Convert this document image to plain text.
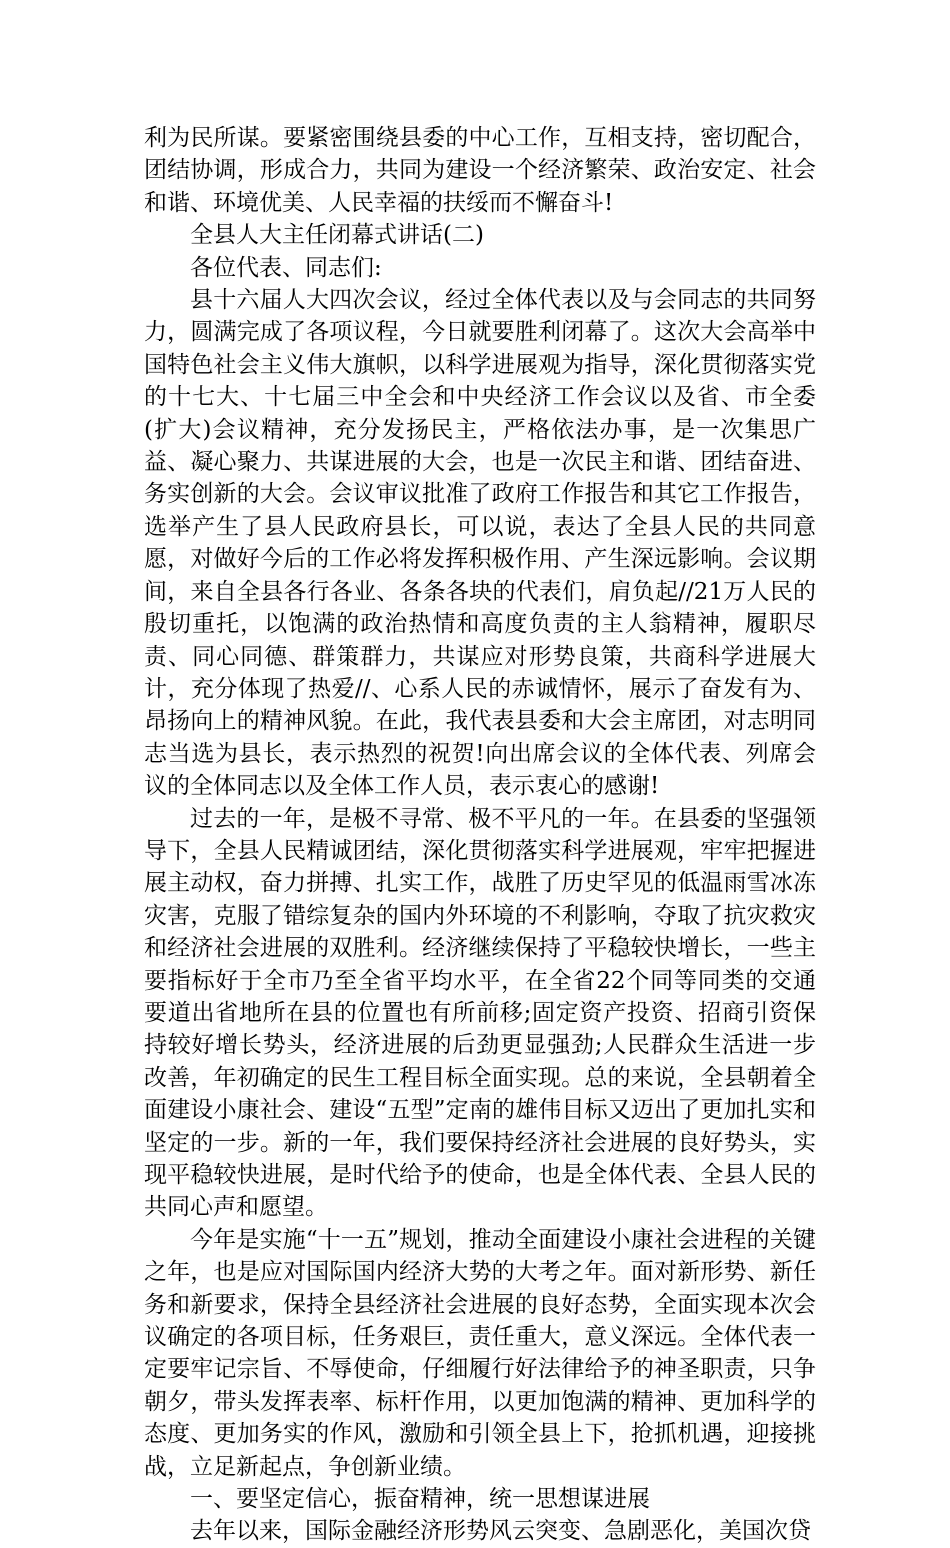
利为民所谋。要紧密围绕县委的中心工作，互相支持，密切配合，团结协调，形成合力，共同为建设一个经济繁荣、政治安定、社会和谐、环境优美、人民幸福的扶绥而不懈奋斗!

全县人大主任闭幕式讲话(二)

各位代表、同志们:

县十六届人大四次会议，经过全体代表以及与会同志的共同努力，圆满完成了各项议程，今日就要胜利闭幕了。这次大会高举中国特色社会主义伟大旗帜，以科学进展观为指导，深化贯彻落实党的十七大、十七届三中全会和中央经济工作会议以及省、市全委(扩大)会议精神，充分发扬民主，严格依法办事，是一次集思广益、凝心聚力、共谋进展的大会，也是一次民主和谐、团结奋进、务实创新的大会。会议审议批准了政府工作报告和其它工作报告，选举产生了县人民政府县长，可以说，表达了全县人民的共同意愿，对做好今后的工作必将发挥积极作用、产生深远影响。会议期间，来自全县各行各业、各条各块的代表们，肩负起//21万人民的殷切重托，以饱满的政治热情和高度负责的主人翁精神，履职尽责、同心同德、群策群力，共谋应对形势良策，共商科学进展大计，充分体现了热爱//、心系人民的赤诚情怀，展示了奋发有为、昂扬向上的精神风貌。在此，我代表县委和大会主席团，对志明同志当选为县长，表示热烈的祝贺!向出席会议的全体代表、列席会议的全体同志以及全体工作人员，表示衷心的感谢!

过去的一年，是极不寻常、极不平凡的一年。在县委的坚强领导下，全县人民精诚团结，深化贯彻落实科学进展观，牢牢把握进展主动权，奋力拼搏、扎实工作，战胜了历史罕见的低温雨雪冰冻灾害，克服了错综复杂的国内外环境的不利影响，夺取了抗灾救灾和经济社会进展的双胜利。经济继续保持了平稳较快增长，一些主要指标好于全市乃至全省平均水平，在全省22个同等同类的交通要道出省地所在县的位置也有所前移;固定资产投资、招商引资保持较好增长势头，经济进展的后劲更显强劲;人民群众生活进一步改善，年初确定的民生工程目标全面实现。总的来说，全县朝着全面建设小康社会、建设“五型”定南的雄伟目标又迈出了更加扎实和坚定的一步。新的一年，我们要保持经济社会进展的良好势头，实现平稳较快进展，是时代给予的使命，也是全体代表、全县人民的共同心声和愿望。

今年是实施“十一五”规划，推动全面建设小康社会进程的关键之年，也是应对国际国内经济大势的大考之年。面对新形势、新任务和新要求，保持全县经济社会进展的良好态势，全面实现本次会议确定的各项目标，任务艰巨，责任重大，意义深远。全体代表一定要牢记宗旨、不辱使命，仔细履行好法律给予的神圣职责，只争朝夕，带头发挥表率、标杆作用，以更加饱满的精神、更加科学的态度、更加务实的作风，激励和引领全县上下，抢抓机遇，迎接挑战，立足新起点，争创新业绩。

一、要坚定信心，振奋精神，统一思想谋进展

去年以来，国际金融经济形势风云突变、急剧恶化，美国次贷
